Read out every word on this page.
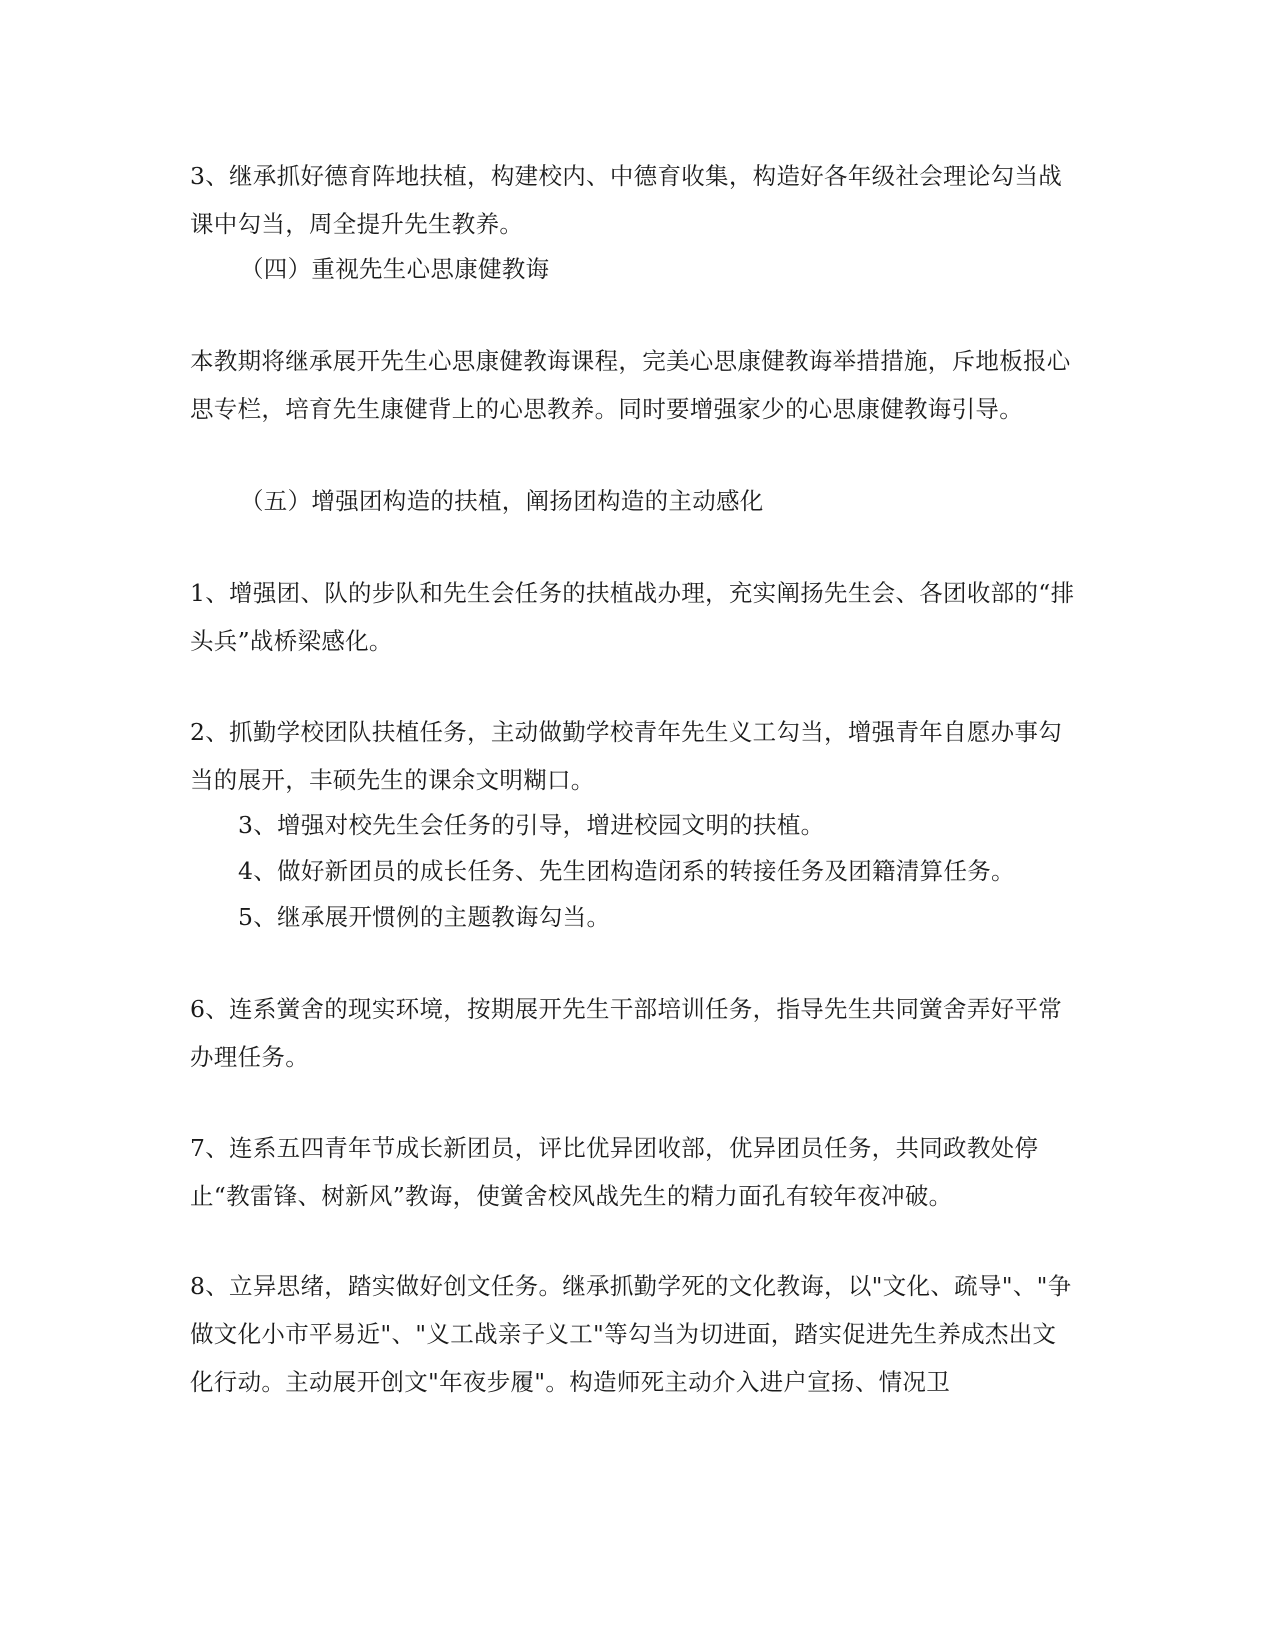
3、继承抓好德育阵地扶植，构建校内、中德育收集，构造好各年级社会理论勾当战课中勾当，周全提升先生教养。

（四）重视先生心思康健教诲

本教期将继承展开先生心思康健教诲课程，完美心思康健教诲举措措施，斥地板报心思专栏，培育先生康健背上的心思教养。同时要增强家少的心思康健教诲引导。

（五）增强团构造的扶植，阐扬团构造的主动感化

1、增强团、队的步队和先生会任务的扶植战办理，充实阐扬先生会、各团收部的“排头兵”战桥梁感化。

2、抓勤学校团队扶植任务，主动做勤学校青年先生义工勾当，增强青年自愿办事勾当的展开，丰硕先生的课余文明糊口。

3、增强对校先生会任务的引导，增进校园文明的扶植。

4、做好新团员的成长任务、先生团构造闭系的转接任务及团籍清算任务。

5、继承展开惯例的主题教诲勾当。

6、连系黉舍的现实环境，按期展开先生干部培训任务，指导先生共同黉舍弄好平常办理任务。

7、连系五四青年节成长新团员，评比优异团收部，优异团员任务，共同政教处停止“教雷锋、树新风”教诲，使黉舍校风战先生的精力面孔有较年夜冲破。

8、立异思绪，踏实做好创文任务。继承抓勤学死的文化教诲，以"文化、疏导"、"争做文化小市平易近"、"义工战亲子义工"等勾当为切进面，踏实促进先生养成杰出文化行动。主动展开创文"年夜步履"。构造师死主动介入进户宣扬、情况卫
